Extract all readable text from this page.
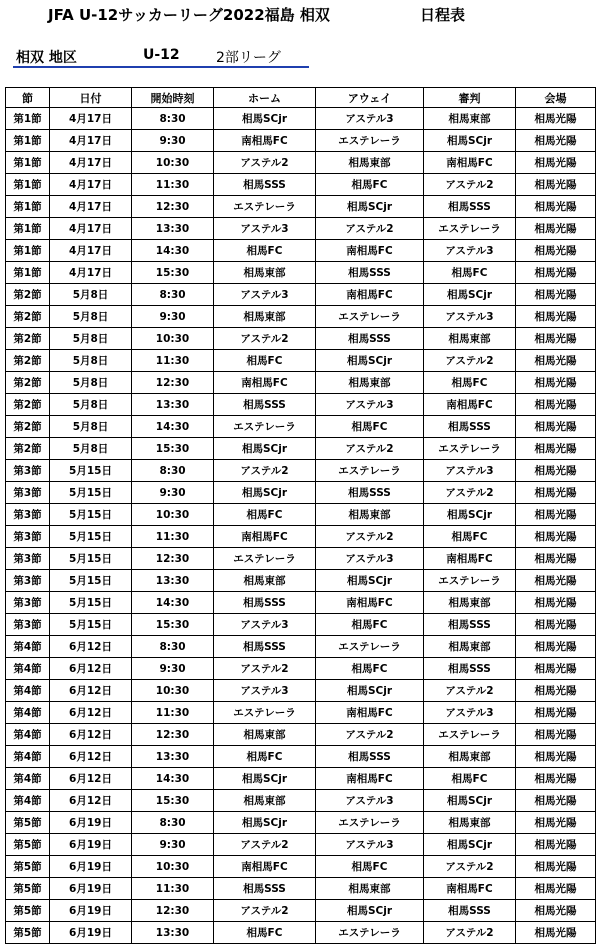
JFA U-12サッカーリーグ2022福島 相双	日程表
相双 地区	U-12	2部リーグ
節	日付	開始時刻	ホーム	アウェイ	審判	会場
第1節	4月17日	8:30	相馬SCjr	アステル3	相馬東部	相馬光陽
第1節	4月17日	9:30	南相馬FC	エステレーラ	相馬SCjr	相馬光陽
第1節	4月17日	10:30	アステル2	相馬東部	南相馬FC	相馬光陽
第1節	4月17日	11:30	相馬SSS	相馬FC	アステル2	相馬光陽
第1節	4月17日	12:30	エステレーラ	相馬SCjr	相馬SSS	相馬光陽
第1節	4月17日	13:30	アステル3	アステル2	エステレーラ	相馬光陽
第1節	4月17日	14:30	相馬FC	南相馬FC	アステル3	相馬光陽
第1節	4月17日	15:30	相馬東部	相馬SSS	相馬FC	相馬光陽
第2節	5月8日	8:30	アステル3	南相馬FC	相馬SCjr	相馬光陽
第2節	5月8日	9:30	相馬東部	エステレーラ	アステル3	相馬光陽
第2節	5月8日	10:30	アステル2	相馬SSS	相馬東部	相馬光陽
第2節	5月8日	11:30	相馬FC	相馬SCjr	アステル2	相馬光陽
第2節	5月8日	12:30	南相馬FC	相馬東部	相馬FC	相馬光陽
第2節	5月8日	13:30	相馬SSS	アステル3	南相馬FC	相馬光陽
第2節	5月8日	14:30	エステレーラ	相馬FC	相馬SSS	相馬光陽
第2節	5月8日	15:30	相馬SCjr	アステル2	エステレーラ	相馬光陽
第3節	5月15日	8:30	アステル2	エステレーラ	アステル3	相馬光陽
第3節	5月15日	9:30	相馬SCjr	相馬SSS	アステル2	相馬光陽
第3節	5月15日	10:30	相馬FC	相馬東部	相馬SCjr	相馬光陽
第3節	5月15日	11:30	南相馬FC	アステル2	相馬FC	相馬光陽
第3節	5月15日	12:30	エステレーラ	アステル3	南相馬FC	相馬光陽
第3節	5月15日	13:30	相馬東部	相馬SCjr	エステレーラ	相馬光陽
第3節	5月15日	14:30	相馬SSS	南相馬FC	相馬東部	相馬光陽
第3節	5月15日	15:30	アステル3	相馬FC	相馬SSS	相馬光陽
第4節	6月12日	8:30	相馬SSS	エステレーラ	相馬東部	相馬光陽
第4節	6月12日	9:30	アステル2	相馬FC	相馬SSS	相馬光陽
第4節	6月12日	10:30	アステル3	相馬SCjr	アステル2	相馬光陽
第4節	6月12日	11:30	エステレーラ	南相馬FC	アステル3	相馬光陽
第4節	6月12日	12:30	相馬東部	アステル2	エステレーラ	相馬光陽
第4節	6月12日	13:30	相馬FC	相馬SSS	相馬東部	相馬光陽
第4節	6月12日	14:30	相馬SCjr	南相馬FC	相馬FC	相馬光陽
第4節	6月12日	15:30	相馬東部	アステル3	相馬SCjr	相馬光陽
第5節	6月19日	8:30	相馬SCjr	エステレーラ	相馬東部	相馬光陽
第5節	6月19日	9:30	アステル2	アステル3	相馬SCjr	相馬光陽
第5節	6月19日	10:30	南相馬FC	相馬FC	アステル2	相馬光陽
第5節	6月19日	11:30	相馬SSS	相馬東部	南相馬FC	相馬光陽
第5節	6月19日	12:30	アステル2	相馬SCjr	相馬SSS	相馬光陽
第5節	6月19日	13:30	相馬FC	エステレーラ	アステル2	相馬光陽
